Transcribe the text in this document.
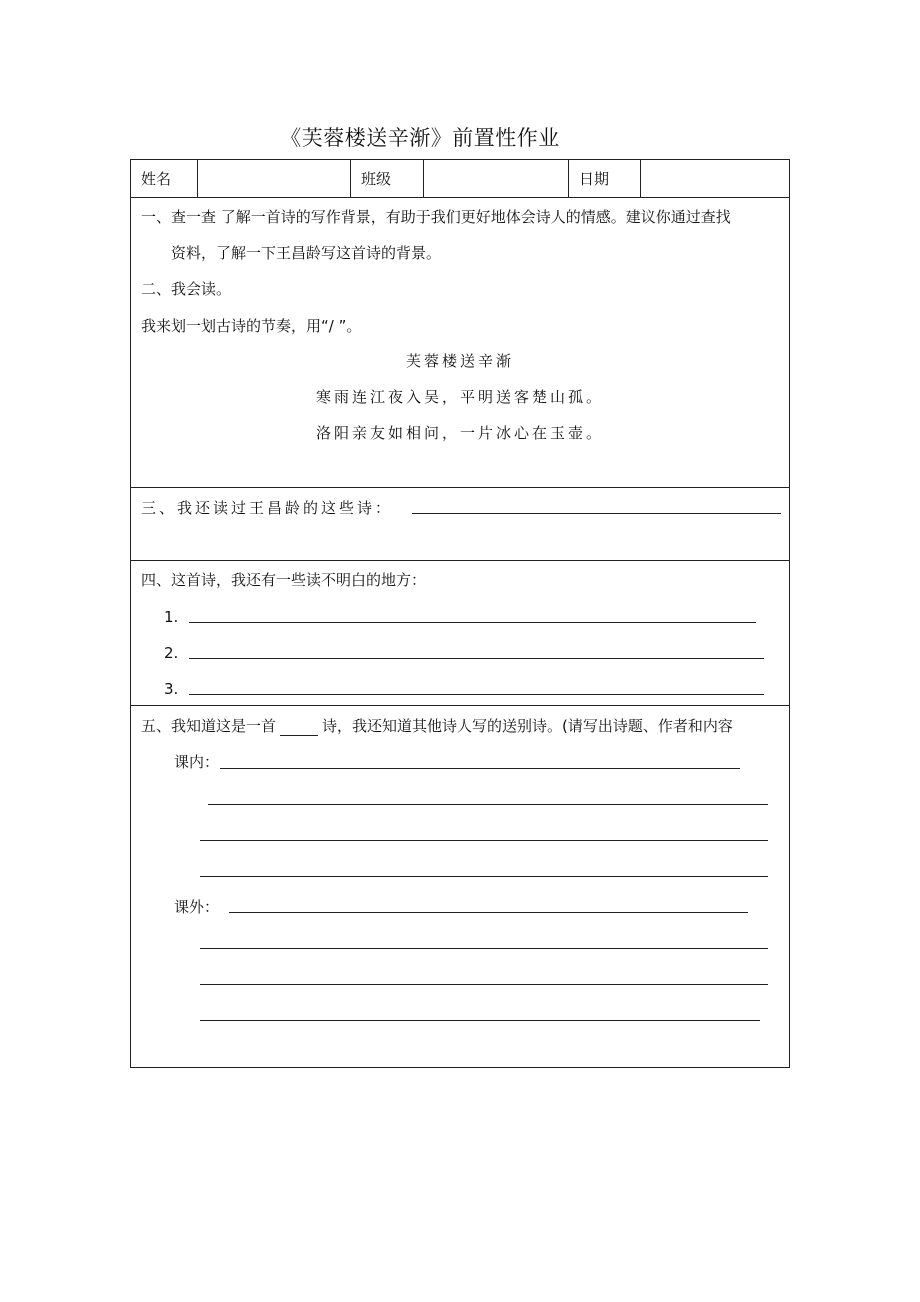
《芙蓉楼送辛渐》前置性作业
姓名	班级	日期
一、查一查 了解一首诗的写作背景，有助于我们更好地体会诗人的情感。建议你通过查找
资料，了解一下王昌龄写这首诗的背景。
二、我会读。
我来划一划古诗的节奏，用“/ ”。
芙蓉楼送辛渐
寒雨连江夜入吴，平明送客楚山孤。
洛阳亲友如相问，一片冰心在玉壶。
三、我还读过王昌龄的这些诗：
四、这首诗，我还有一些读不明白的地方：
1.
2.
3.
五、我知道这是一首	诗，我还知道其他诗人写的送别诗。(请写出诗题、作者和内容
课内：
课外：
